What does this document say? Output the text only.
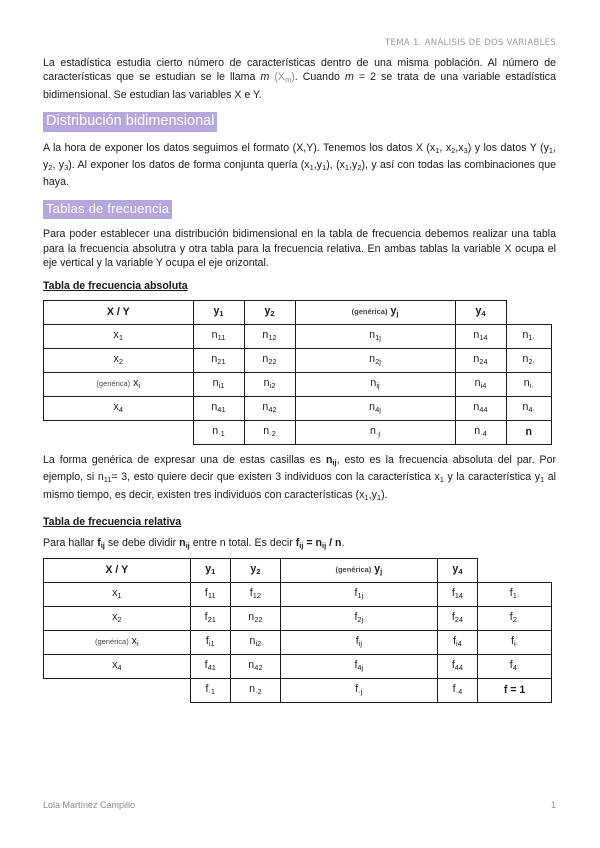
TEMA 1. ANÁLISIS DE DOS VARIABLES

La estadística estudia cierto número de características dentro de una misma población. Al número de características que se estudian se le llama m $(X_m)$. Cuando m = 2 se trata de una variable estadística bidimensional. Se estudian las variables X e Y.

Distribución bidimensional

A la hora de exponer los datos seguimos el formato (X,Y). Tenemos los datos X ($x_1$, $x_2,x_3$) y los datos Y ($y_1$, $y_2$, $y_3$). Al exponer los datos de forma conjunta quería $(x_1,y_1)$, $(x_1,y_2)$, y así con todas las combinaciones que haya.

Tablas de frecuencia

Para poder establecer una distribución bidimensional en la tabla de frecuencia debemos realizar una tabla para la frecuencia absolutra y otra tabla para la frecuencia relativa. En ambas tablas la variable X ocupa el eje vertical y la variable Y ocupa el eje orizontal.

Tabla de frecuencia absoluta
X / Y	$y_1$	$y_2$	(genérica) $y_j$	$y_4$	
$x_1$	$n_{11}$	$n_{12}$	$n_{1j}$	$n_{14}$	$n_{1\cdot}$
$x_2$	$n_{21}$	$n_{22}$	$n_{2j}$	$n_{24}$	$n_{2\cdot}$
(genérica) $x_i$	$n_{i1}$	$n_{i2}$	$n_{ij}$	$n_{i4}$	$n_{i\cdot}$
$x_4$	$n_{41}$	$n_{42}$	$n_{4j}$	$n_{44}$	$n_{4\cdot}$
	$n_{\cdot 1}$	$n_{\cdot 2}$	$n_{\cdot j}$	$n_{\cdot 4}$	n

La forma genérica de expresar una de estas casillas es $n_{ij}$, esto es la frecuencia absoluta del par. Por ejemplo, si $n_{11}= 3$, esto quiere decir que existen 3 individuos con la característica $x_1$ y la característica $y_1$ al mismo tiempo, es decir, existen tres individuos con características $(x_1,y_1)$.

Tabla de frecuencia relativa

Para hallar $f_{ij}$ se debe dividir $n_{ij}$ entre n total. Es decir $f_{ij} = n_{ij} / n$.

X / Y	$y_1$	$y_2$	(genérica) $y_j$	$y_4$	
$x_1$	$f_{11}$	$f_{12}$	$f_{1j}$	$f_{14}$	$f_{1\cdot}$
$x_2$	$f_{21}$	$n_{22}$	$f_{2j}$	$f_{24}$	$f_{2\cdot}$
(genérica) $x_i$	$f_{i1}$	$n_{i2}$	$f_{ij}$	$f_{i4}$	$f_{i\cdot}$
$x_4$	$f_{41}$	$n_{42}$	$f_{4j}$	$f_{44}$	$f_{4\cdot}$
	$f_{\cdot 1}$	$n_{\cdot 2}$	$f_{\cdot j}$	$f_{\cdot 4}$	f = 1
Lola Martínez Campillo	1
